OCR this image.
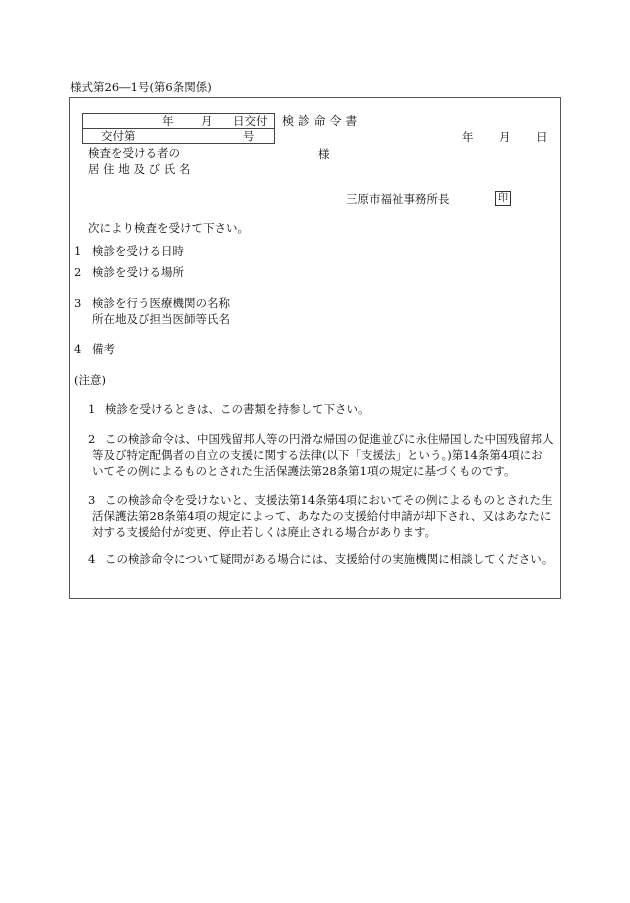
様式第26―1号(第6条関係)
年 月 日交付
交付第	号
検 診 命 令 書
年 月 日
検査を受ける者の
居 住 地 及 び 氏 名
様
三原市福祉事務所長	印
次により検査を受けて下さい。
1 検診を受ける日時
2 検診を受ける場所
3 検診を行う医療機関の名称
所在地及び担当医師等氏名
4 備考
(注意)
1 検診を受けるときは、この書類を持参して下さい。
2 この検診命令は、中国残留邦人等の円滑な帰国の促進並びに永住帰国した中国残留邦人
等及び特定配偶者の自立の支援に関する法律(以下「支援法」という。)第14条第4項にお
いてその例によるものとされた生活保護法第28条第1項の規定に基づくものです。
3 この検診命令を受けないと、支援法第14条第4項においてその例によるものとされた生
活保護法第28条第4項の規定によって、あなたの支援給付申請が却下され、又はあなたに
対する支援給付が変更、停止若しくは廃止される場合があります。
4 この検診命令について疑問がある場合には、支援給付の実施機関に相談してください。
